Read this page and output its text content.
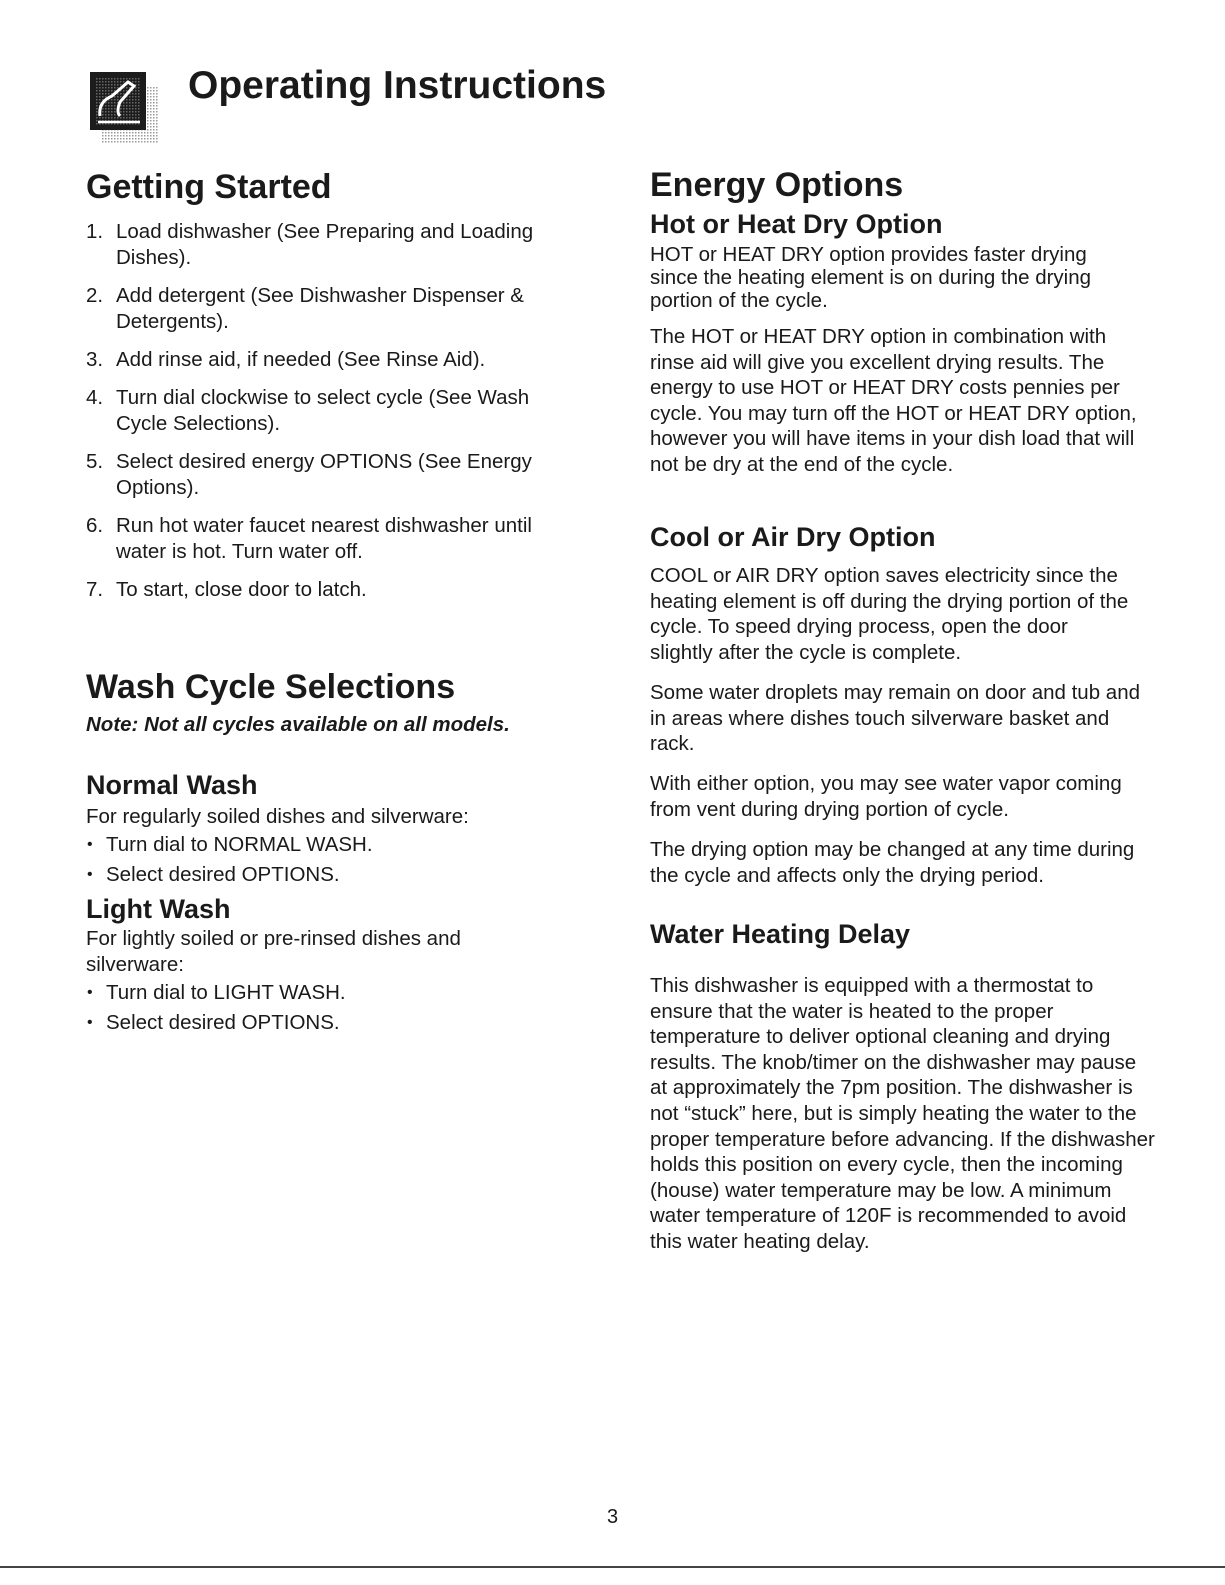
Operating Instructions
Getting Started
1. Load dishwasher (See Preparing and Loading Dishes).
2. Add detergent (See Dishwasher Dispenser & Detergents).
3. Add rinse aid, if needed (See Rinse Aid).
4. Turn dial clockwise to select cycle (See Wash Cycle Selections).
5. Select desired energy OPTIONS (See Energy Options).
6. Run hot water faucet nearest dishwasher until water is hot. Turn water off.
7. To start, close door to latch.
Wash Cycle Selections

Note: Not all cycles available on all models.

Normal Wash

For regularly soiled dishes and silverware:

• Turn dial to NORMAL WASH.
• Select desired OPTIONS.
Light Wash

For lightly soiled or pre-rinsed dishes and silverware:

• Turn dial to LIGHT WASH.
• Select desired OPTIONS.
Energy Options
Hot or Heat Dry Option

HOT or HEAT DRY option provides faster drying since the heating element is on during the drying portion of the cycle.

The HOT or HEAT DRY option in combination with rinse aid will give you excellent drying results. The energy to use HOT or HEAT DRY costs pennies per cycle. You may turn off the HOT or HEAT DRY option, however you will have items in your dish load that will not be dry at the end of the cycle.

Cool or Air Dry Option

COOL or AIR DRY option saves electricity since the heating element is off during the drying portion of the cycle. To speed drying process, open the door slightly after the cycle is complete.

Some water droplets may remain on door and tub and in areas where dishes touch silverware basket and rack.

With either option, you may see water vapor coming from vent during drying portion of cycle.

The drying option may be changed at any time during the cycle and affects only the drying period.

Water Heating Delay

This dishwasher is equipped with a thermostat to ensure that the water is heated to the proper temperature to deliver optional cleaning and drying results. The knob/timer on the dishwasher may pause at approximately the 7pm position. The dishwasher is not “stuck” here, but is simply heating the water to the proper temperature before advancing. If the dishwasher holds this position on every cycle, then the incoming (house) water temperature may be low. A minimum water temperature of 120F is recommended to avoid this water heating delay.

3
